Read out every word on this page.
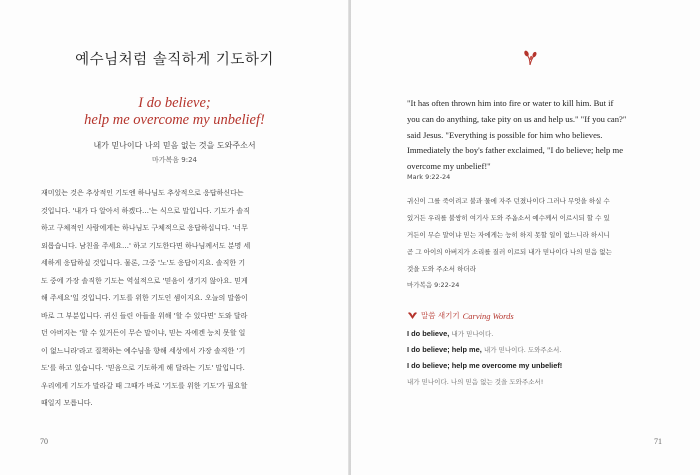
예수님처럼 솔직하게 기도하기
I do believe;
help me overcome my unbelief!
내가 믿나이다 나의 믿음 없는 것을 도와주소서
마가복음 9:24
재미있는 것은 추상적인 기도엔 하나님도 추상적으로 응답하신다는
것입니다. '내가 다 알아서 하겠다…'는 식으로 말입니다. 기도가 솔직
하고 구체적인 사람에게는 하나님도 구체적으로 응답하십니다. '너무
외롭습니다. 남친을 주세요…' 하고 기도한다면 하나님께서도 분명 세
세하게 응답하실 것입니다. 물론, 그중 '노'도 응답이지요. 솔직한 기
도 중에 가장 솔직한 기도는 역설적으로 '믿음이 생기지 않아요. 믿게
해 주세요'일 것입니다. 기도를 위한 기도인 셈이지요. 오늘의 말씀이
바로 그 부분입니다. 귀신 들린 아들을 위해 '할 수 있다면' 도와 달라
던 아버지는 '할 수 있거든이 무슨 말이냐, 믿는 자에겐 능치 못할 일
이 없느니라'라고 질책하는 예수님을 향해 세상에서 가장 솔직한 '기
도'를 하고 있습니다. '믿음으로 기도하게 해 달라는 기도' 말입니다.
우리에게 기도가 말라갈 때 그때가 바로 '기도를 위한 기도'가 필요할
때일지 모릅니다.
70
"It has often thrown him into fire or water to kill him. But if
you can do anything, take pity on us and help us." "If you can?"
said Jesus. "Everything is possible for him who believes.
Immediately the boy's father exclaimed, "I do believe; help me
overcome my unbelief!"
Mark 9:22-24
귀신이 그를 죽이려고 불과 물에 자주 던졌나이다 그러나 무엇을 하실 수
있거든 우리를 불쌍히 여기사 도와 주옵소서 예수께서 이르시되 할 수 있
거든이 무슨 말이냐 믿는 자에게는 능히 하지 못할 일이 없느니라 하시니
곧 그 아이의 아버지가 소리를 질러 이르되 내가 믿나이다 나의 믿음 없는
것을 도와 주소서 하더라
마가복음 9:22-24
말씀 새기기 Carving Words
I do believe, 내가 믿나이다.
I do believe; help me, 내가 믿나이다. 도와주소서.
I do believe; help me overcome my unbelief!
내가 믿나이다. 나의 믿음 없는 것을 도와주소서!
71
